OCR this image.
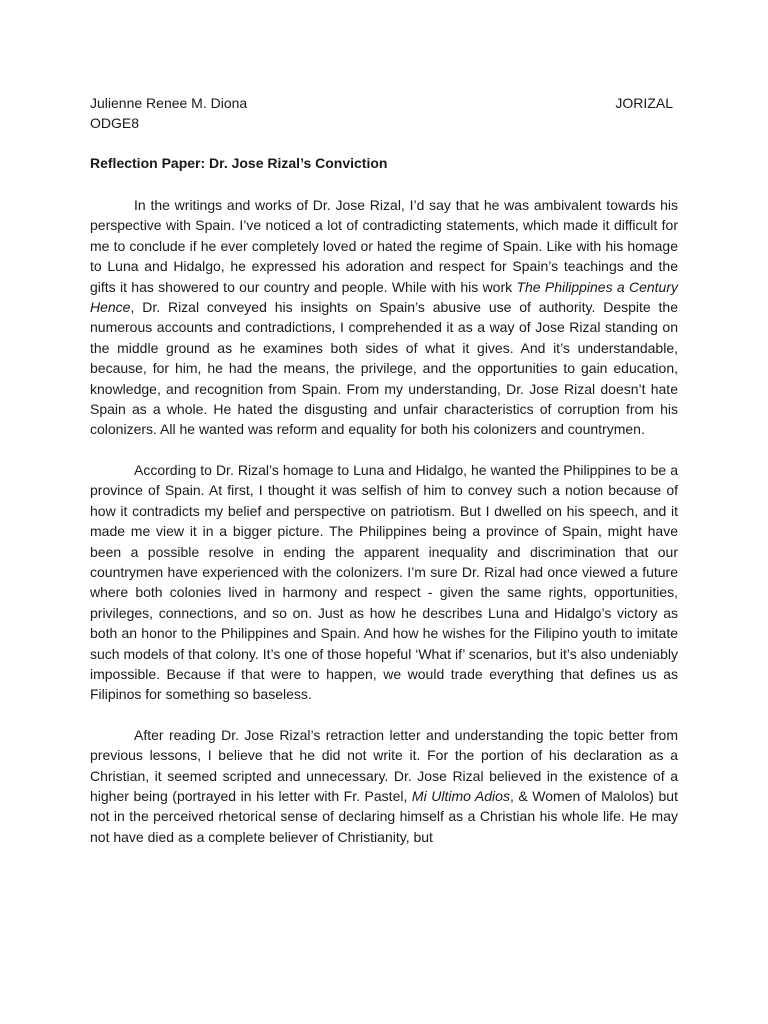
Julienne Renee M. Diona	JORIZAL
ODGE8
Reflection Paper: Dr. Jose Rizal’s Conviction

In the writings and works of Dr. Jose Rizal, I’d say that he was ambivalent towards his perspective with Spain. I’ve noticed a lot of contradicting statements, which made it difficult for me to conclude if he ever completely loved or hated the regime of Spain. Like with his homage to Luna and Hidalgo, he expressed his adoration and respect for Spain’s teachings and the gifts it has showered to our country and people. While with his work The Philippines a Century Hence, Dr. Rizal conveyed his insights on Spain’s abusive use of authority. Despite the numerous accounts and contradictions, I comprehended it as a way of Jose Rizal standing on the middle ground as he examines both sides of what it gives. And it’s understandable, because, for him, he had the means, the privilege, and the opportunities to gain education, knowledge, and recognition from Spain. From my understanding, Dr. Jose Rizal doesn’t hate Spain as a whole. He hated the disgusting and unfair characteristics of corruption from his colonizers. All he wanted was reform and equality for both his colonizers and countrymen.

According to Dr. Rizal’s homage to Luna and Hidalgo, he wanted the Philippines to be a province of Spain. At first, I thought it was selfish of him to convey such a notion because of how it contradicts my belief and perspective on patriotism. But I dwelled on his speech, and it made me view it in a bigger picture. The Philippines being a province of Spain, might have been a possible resolve in ending the apparent inequality and discrimination that our countrymen have experienced with the colonizers. I’m sure Dr. Rizal had once viewed a future where both colonies lived in harmony and respect - given the same rights, opportunities, privileges, connections, and so on. Just as how he describes Luna and Hidalgo’s victory as both an honor to the Philippines and Spain. And how he wishes for the Filipino youth to imitate such models of that colony. It’s one of those hopeful ‘What if’ scenarios, but it’s also undeniably impossible. Because if that were to happen, we would trade everything that defines us as Filipinos for something so baseless.

After reading Dr. Jose Rizal’s retraction letter and understanding the topic better from previous lessons, I believe that he did not write it. For the portion of his declaration as a Christian, it seemed scripted and unnecessary. Dr. Jose Rizal believed in the existence of a higher being (portrayed in his letter with Fr. Pastel, Mi Ultimo Adios, & Women of Malolos) but not in the perceived rhetorical sense of declaring himself as a Christian his whole life. He may not have died as a complete believer of Christianity, but
